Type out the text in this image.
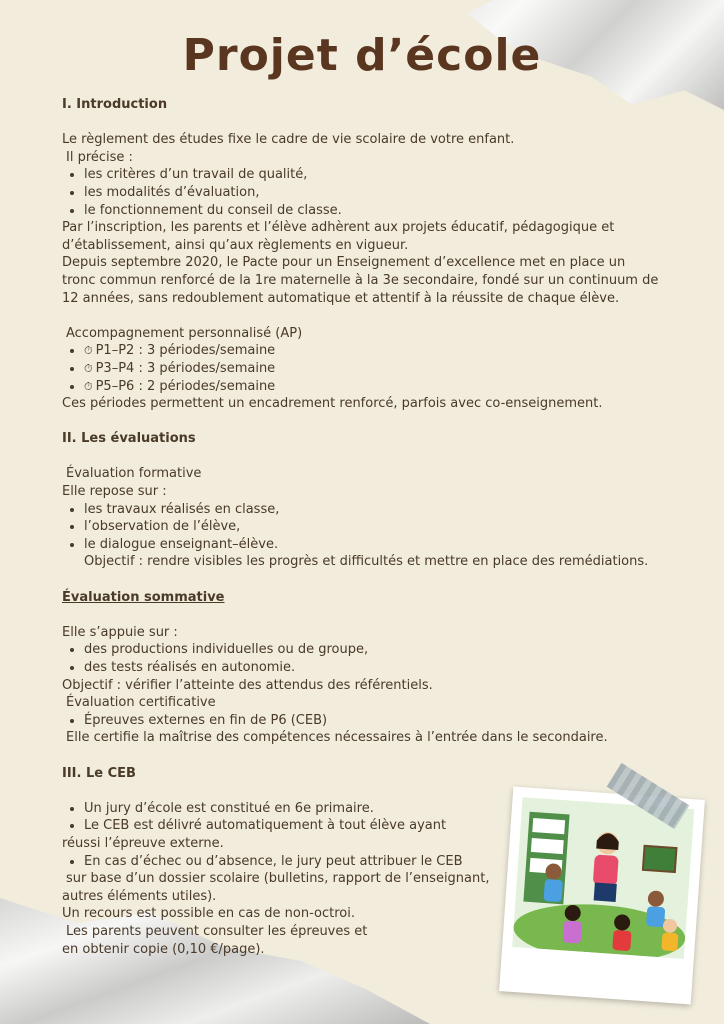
Projet d’école

I. Introduction

Le règlement des études fixe le cadre de vie scolaire de votre enfant.

Il précise :

• les critères d’un travail de qualité,
• les modalités d’évaluation,
• le fonctionnement du conseil de classe.

Par l’inscription, les parents et l’élève adhèrent aux projets éducatif, pédagogique et d’établissement, ainsi qu’aux règlements en vigueur.

Depuis septembre 2020, le Pacte pour un Enseignement d’excellence met en place un tronc commun renforcé de la 1re maternelle à la 3e secondaire, fondé sur un continuum de 12 années, sans redoublement automatique et attentif à la réussite de chaque élève.

Accompagnement personnalisé (AP)

• ⏱ P1–P2 : 3 périodes/semaine
• ⏱ P3–P4 : 3 périodes/semaine
• ⏱ P5–P6 : 2 périodes/semaine

Ces périodes permettent un encadrement renforcé, parfois avec co-enseignement.

II. Les évaluations

Évaluation formative

Elle repose sur :

• les travaux réalisés en classe,
• l’observation de l’élève,
• le dialogue enseignant–élève.

Objectif : rendre visibles les progrès et difficultés et mettre en place des remédiations.

Évaluation sommative

Elle s’appuie sur :

• des productions individuelles ou de groupe,
• des tests réalisés en autonomie.

Objectif : vérifier l’atteinte des attendus des référentiels.

Évaluation certificative

• Épreuves externes en fin de P6 (CEB)

Elle certifie la maîtrise des compétences nécessaires à l’entrée dans le secondaire.

III. Le CEB

• Un jury d’école est constitué en 6e primaire.
• Le CEB est délivré automatiquement à tout élève ayant

réussi l’épreuve externe.

• En cas d’échec ou d’absence, le jury peut attribuer le CEB

sur base d’un dossier scolaire (bulletins, rapport de l’enseignant,

autres éléments utiles).

Un recours est possible en cas de non-octroi.

Les parents peuvent consulter les épreuves et

en obtenir copie (0,10 €/page).
